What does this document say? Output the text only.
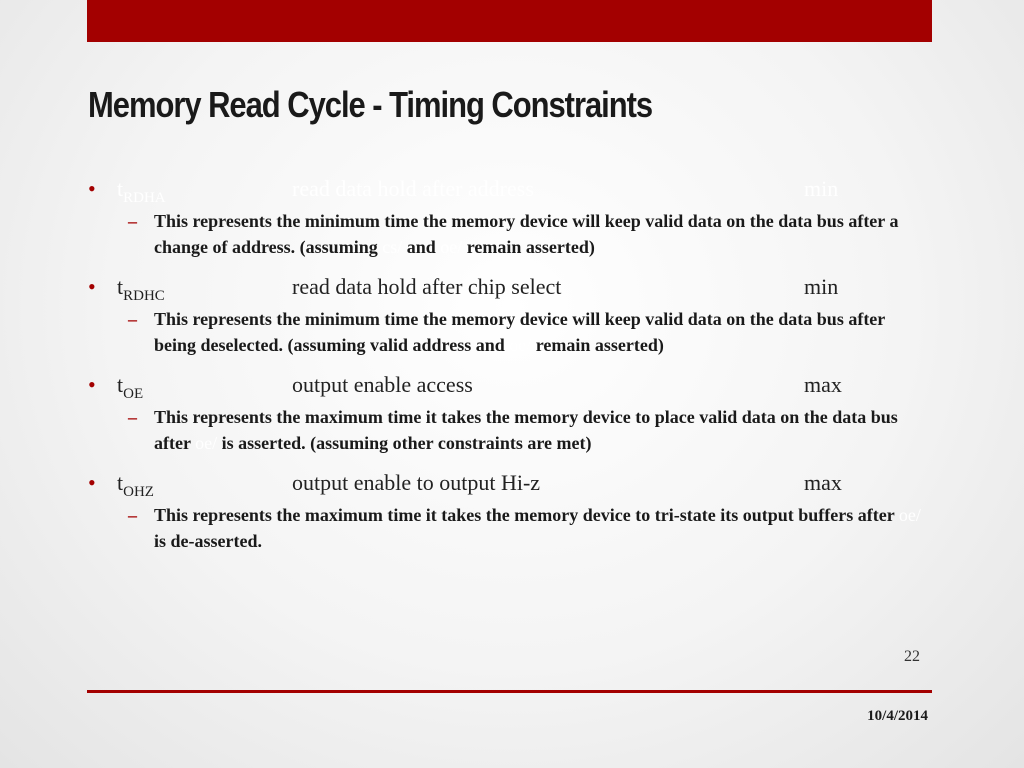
Memory Read Cycle - Timing Constraints
• $t_{RDHA}$	read data hold after address	min
– This represents the minimum time the memory device will keep valid data on the data bus after a change of address. (assuming cs/ and oe/ remain asserted)
• $t_{RDHC}$	read data hold after chip select	min
– This represents the minimum time the memory device will keep valid data on the data bus after being deselected. (assuming valid address and oe/ remain asserted)
• $t_{OE}$	output enable access	max
– This represents the maximum time it takes the memory device to place valid data on the data bus after oe/ is asserted. (assuming other constraints are met)
• $t_{OHZ}$	output enable to output Hi-z	max
– This represents the maximum time it takes the memory device to tri-state its output buffers after oe/ is de-asserted.
22
10/4/2014
